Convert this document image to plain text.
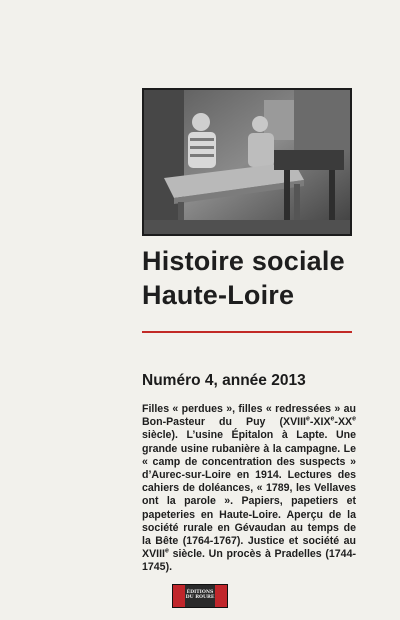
Histoire sociale
Haute-Loire

Numéro 4, année 2013

Filles « perdues », filles « redressées » au Bon-Pasteur du Puy (XVIIIe-XIXe-XXe siècle). L’usine Épitalon à Lapte. Une grande usine rubanière à la campagne. Le « camp de concentration des suspects » d’Aurec-sur-Loire en 1914. Lectures des cahiers de doléances, « 1789, les Vellaves ont la parole ». Papiers, papetiers et papeteries en Haute-Loire. Aperçu de la société rurale en Gévaudan au temps de la Bête (1764-1767). Justice et société au XVIIIe siècle. Un procès à Pradelles (1744-1745).

ÉDITIONS
DU ROURE
